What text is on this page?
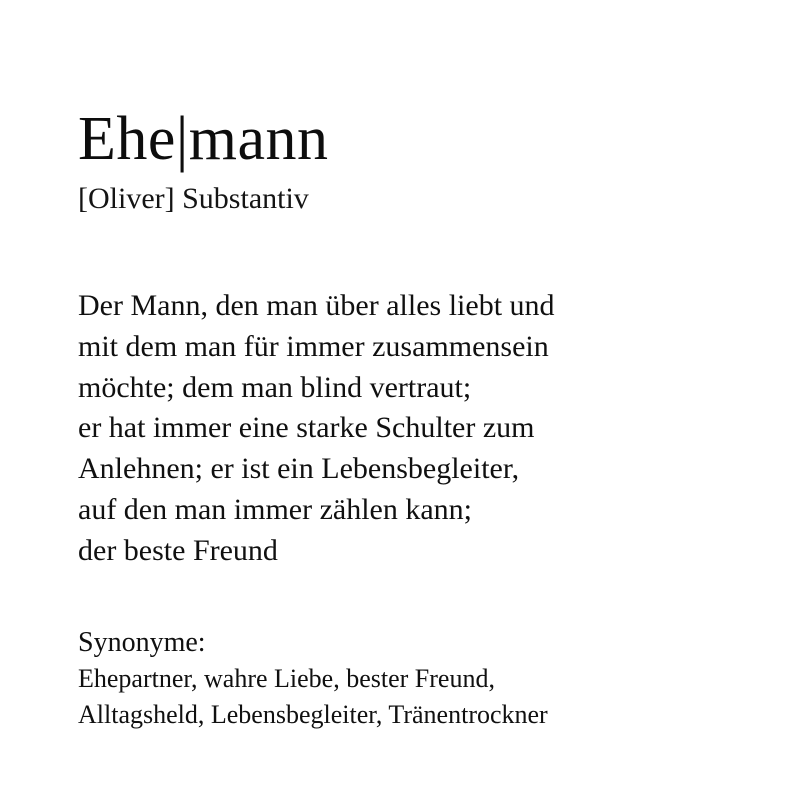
Ehe|mann

[Oliver] Substantiv

Der Mann, den man über alles liebt und
mit dem man für immer zusammensein
möchte; dem man blind vertraut;
er hat immer eine starke Schulter zum
Anlehnen; er ist ein Lebensbegleiter,
auf den man immer zählen kann;
der beste Freund

Synonyme:

Ehepartner, wahre Liebe, bester Freund,
Alltagsheld, Lebensbegleiter, Tränentrockner
